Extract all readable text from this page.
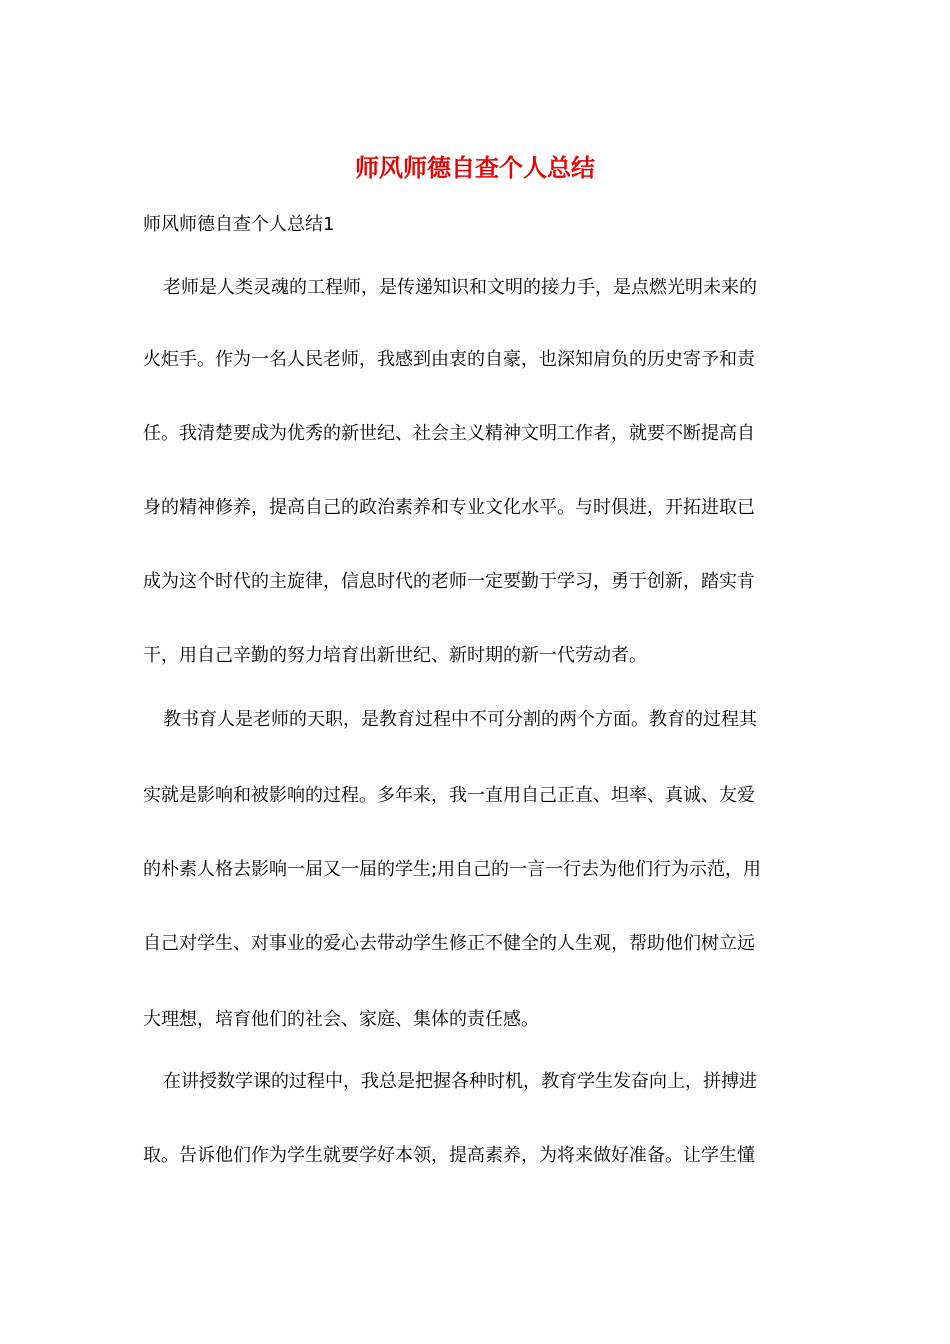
师风师德自查个人总结

师风师德自查个人总结1

老师是人类灵魂的工程师，是传递知识和文明的接力手，是点燃光明未来的

火炬手。作为一名人民老师，我感到由衷的自豪，也深知肩负的历史寄予和责

任。我清楚要成为优秀的新世纪、社会主义精神文明工作者，就要不断提高自

身的精神修养，提高自己的政治素养和专业文化水平。与时俱进，开拓进取已

成为这个时代的主旋律，信息时代的老师一定要勤于学习，勇于创新，踏实肯

干，用自己辛勤的努力培育出新世纪、新时期的新一代劳动者。

教书育人是老师的天职，是教育过程中不可分割的两个方面。教育的过程其

实就是影响和被影响的过程。多年来，我一直用自己正直、坦率、真诚、友爱

的朴素人格去影响一届又一届的学生;用自己的一言一行去为他们行为示范，用

自己对学生、对事业的爱心去带动学生修正不健全的人生观，帮助他们树立远

大理想，培育他们的社会、家庭、集体的责任感。

在讲授数学课的过程中，我总是把握各种时机，教育学生发奋向上，拼搏进

取。告诉他们作为学生就要学好本领，提高素养，为将来做好准备。让学生懂
